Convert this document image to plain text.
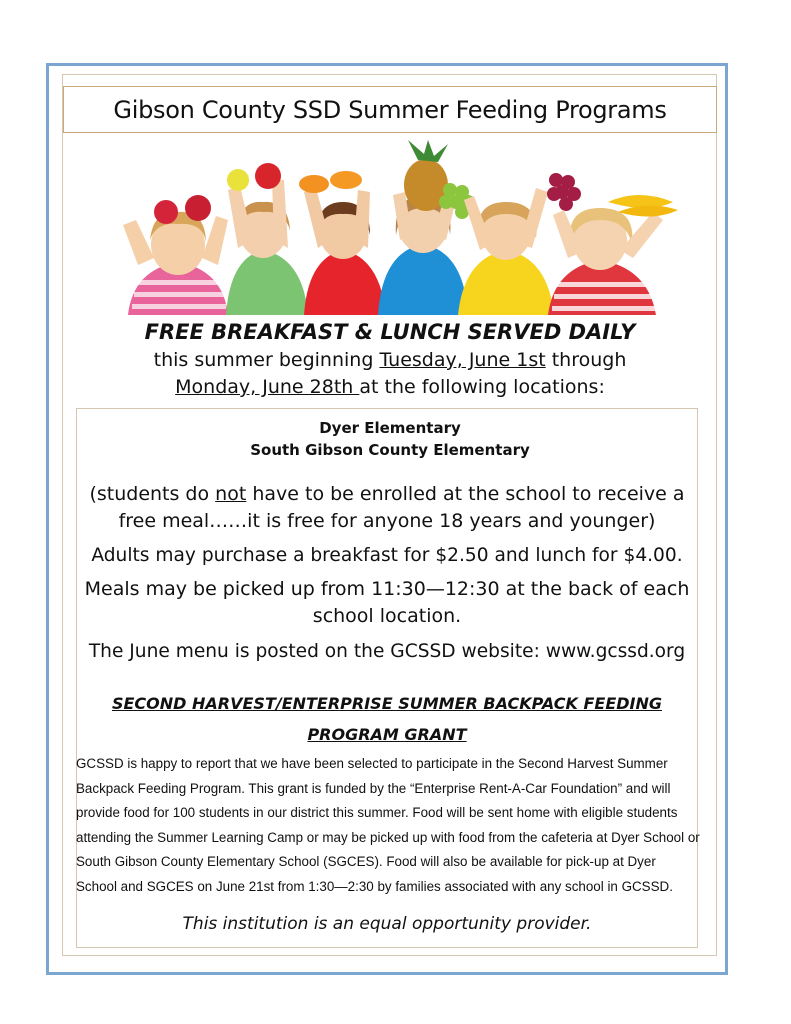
Gibson County SSD Summer Feeding Programs
FREE BREAKFAST & LUNCH SERVED DAILY
this summer beginning Tuesday, June 1st through
Monday, June 28th at the following locations:
Dyer Elementary
South Gibson County Elementary
(students do not have to be enrolled at the school to receive a free meal……it is free for anyone 18 years and younger)
Adults may purchase a breakfast for $2.50 and lunch for $4.00.
Meals may be picked up from 11:30—12:30 at the back of each school location.
The June menu is posted on the GCSSD website: www.gcssd.org
SECOND HARVEST/ENTERPRISE SUMMER BACKPACK FEEDING
PROGRAM GRANT
GCSSD is happy to report that we have been selected to participate in the Second Harvest Summer Backpack Feeding Program. This grant is funded by the “Enterprise Rent-A-Car Foundation” and will provide food for 100 students in our district this summer. Food will be sent home with eligible students attending the Summer Learning Camp or may be picked up with food from the cafeteria at Dyer School or South Gibson County Elementary School (SGCES). Food will also be available for pick-up at Dyer School and SGCES on June 21st from 1:30—2:30 by families associated with any school in GCSSD.
This institution is an equal opportunity provider.
